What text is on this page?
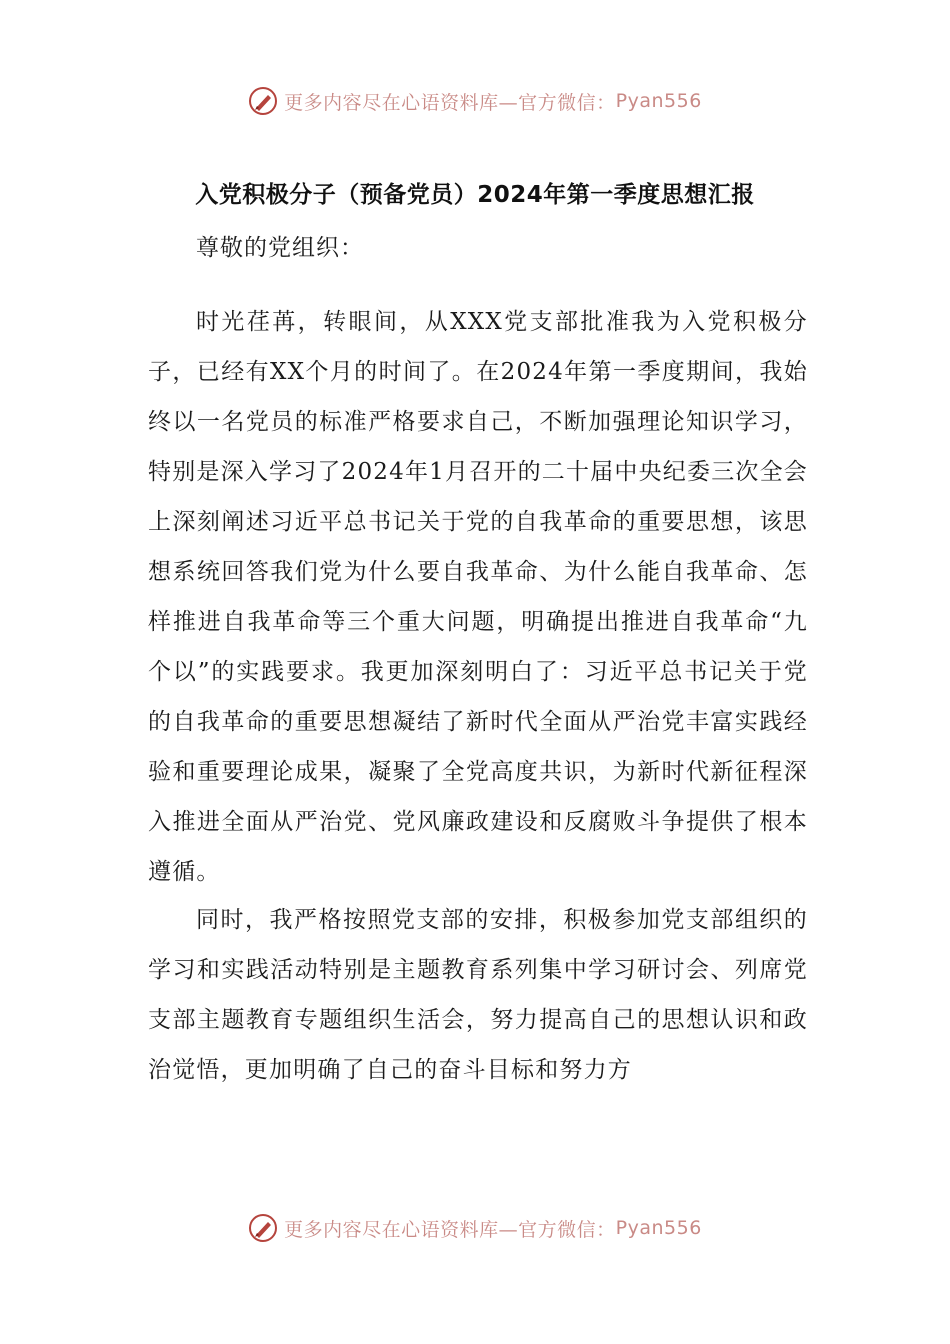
更多内容尽在心语资料库—官方微信： Pyan556
入党积极分子（预备党员）2024年第一季度思想汇报
尊敬的党组织：
时光荏苒，转眼间，从XXX党支部批准我为入党积极分子，已经有XX个月的时间了。在2024年第一季度期间，我始终以一名党员的标准严格要求自己，不断加强理论知识学习，特别是深入学习了2024年1月召开的二十届中央纪委三次全会上深刻阐述习近平总书记关于党的自我革命的重要思想，该思想系统回答我们党为什么要自我革命、为什么能自我革命、怎样推进自我革命等三个重大问题，明确提出推进自我革命“九个以”的实践要求。我更加深刻明白了：习近平总书记关于党的自我革命的重要思想凝结了新时代全面从严治党丰富实践经验和重要理论成果，凝聚了全党高度共识，为新时代新征程深入推进全面从严治党、党风廉政建设和反腐败斗争提供了根本遵循。
同时，我严格按照党支部的安排，积极参加党支部组织的学习和实践活动特别是主题教育系列集中学习研讨会、列席党支部主题教育专题组织生活会，努力提高自己的思想认识和政治觉悟，更加明确了自己的奋斗目标和努力方
更多内容尽在心语资料库—官方微信： Pyan556
